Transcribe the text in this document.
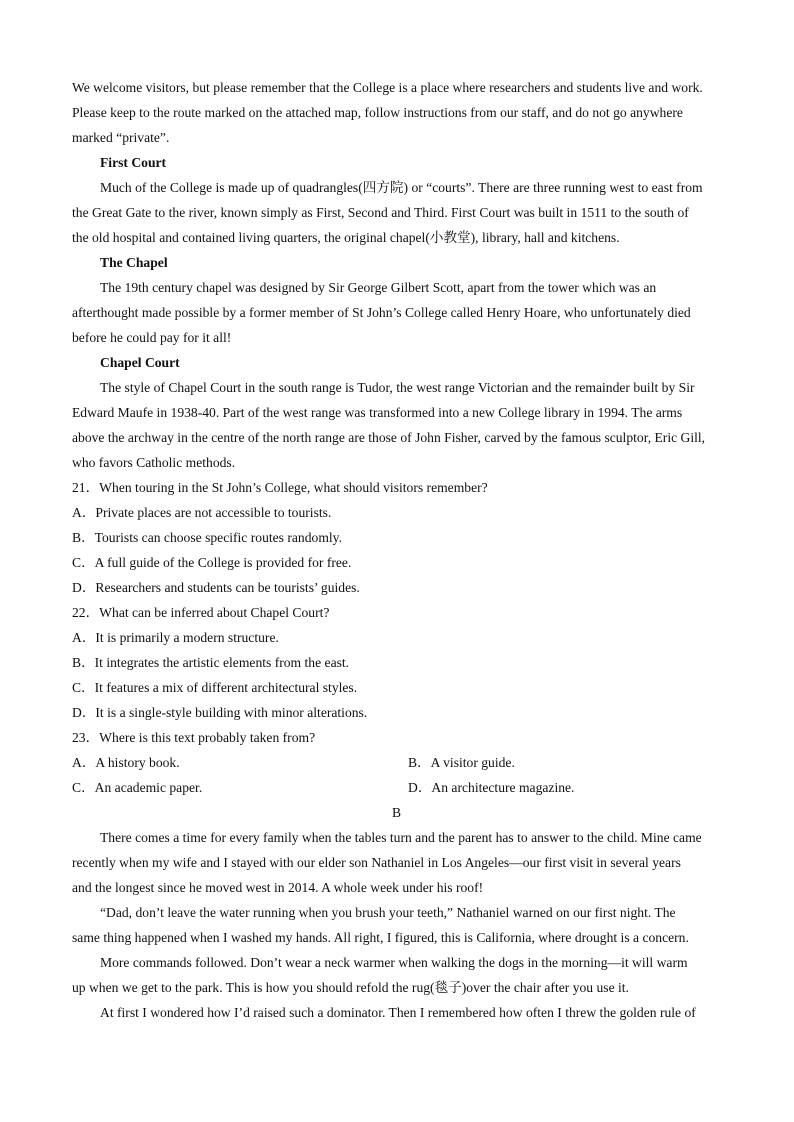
We welcome visitors, but please remember that the College is a place where researchers and students live and work.

Please keep to the route marked on the attached map, follow instructions from our staff, and do not go anywhere

marked “private”.

First Court

Much of the College is made up of quadrangles(四方院) or “courts”. There are three running west to east from

the Great Gate to the river, known simply as First, Second and Third. First Court was built in 1511 to the south of

the old hospital and contained living quarters, the original chapel(小教堂), library, hall and kitchens.

The Chapel

The 19th century chapel was designed by Sir George Gilbert Scott, apart from the tower which was an

afterthought made possible by a former member of St John’s College called Henry Hoare, who unfortunately died

before he could pay for it all!

Chapel Court

The style of Chapel Court in the south range is Tudor, the west range Victorian and the remainder built by Sir

Edward Maufe in 1938-40. Part of the west range was transformed into a new College library in 1994. The arms

above the archway in the centre of the north range are those of John Fisher, carved by the famous sculptor, Eric Gill,

who favors Catholic methods.

21．When touring in the St John’s College, what should visitors remember?

A．Private places are not accessible to tourists.

B．Tourists can choose specific routes randomly.

C．A full guide of the College is provided for free.

D．Researchers and students can be tourists’ guides.

22．What can be inferred about Chapel Court?

A．It is primarily a modern structure.

B．It integrates the artistic elements from the east.

C．It features a mix of different architectural styles.

D．It is a single-style building with minor alterations.

23．Where is this text probably taken from?

A．A history book.	B．A visitor guide.

C．An academic paper.	D．An architecture magazine.

B

There comes a time for every family when the tables turn and the parent has to answer to the child. Mine came

recently when my wife and I stayed with our elder son Nathaniel in Los Angeles—our first visit in several years

and the longest since he moved west in 2014. A whole week under his roof!

“Dad, don’t leave the water running when you brush your teeth,” Nathaniel warned on our first night. The

same thing happened when I washed my hands. All right, I figured, this is California, where drought is a concern.

More commands followed. Don’t wear a neck warmer when walking the dogs in the morning—it will warm

up when we get to the park. This is how you should refold the rug(毯子)over the chair after you use it.

At first I wondered how I’d raised such a dominator. Then I remembered how often I threw the golden rule of
